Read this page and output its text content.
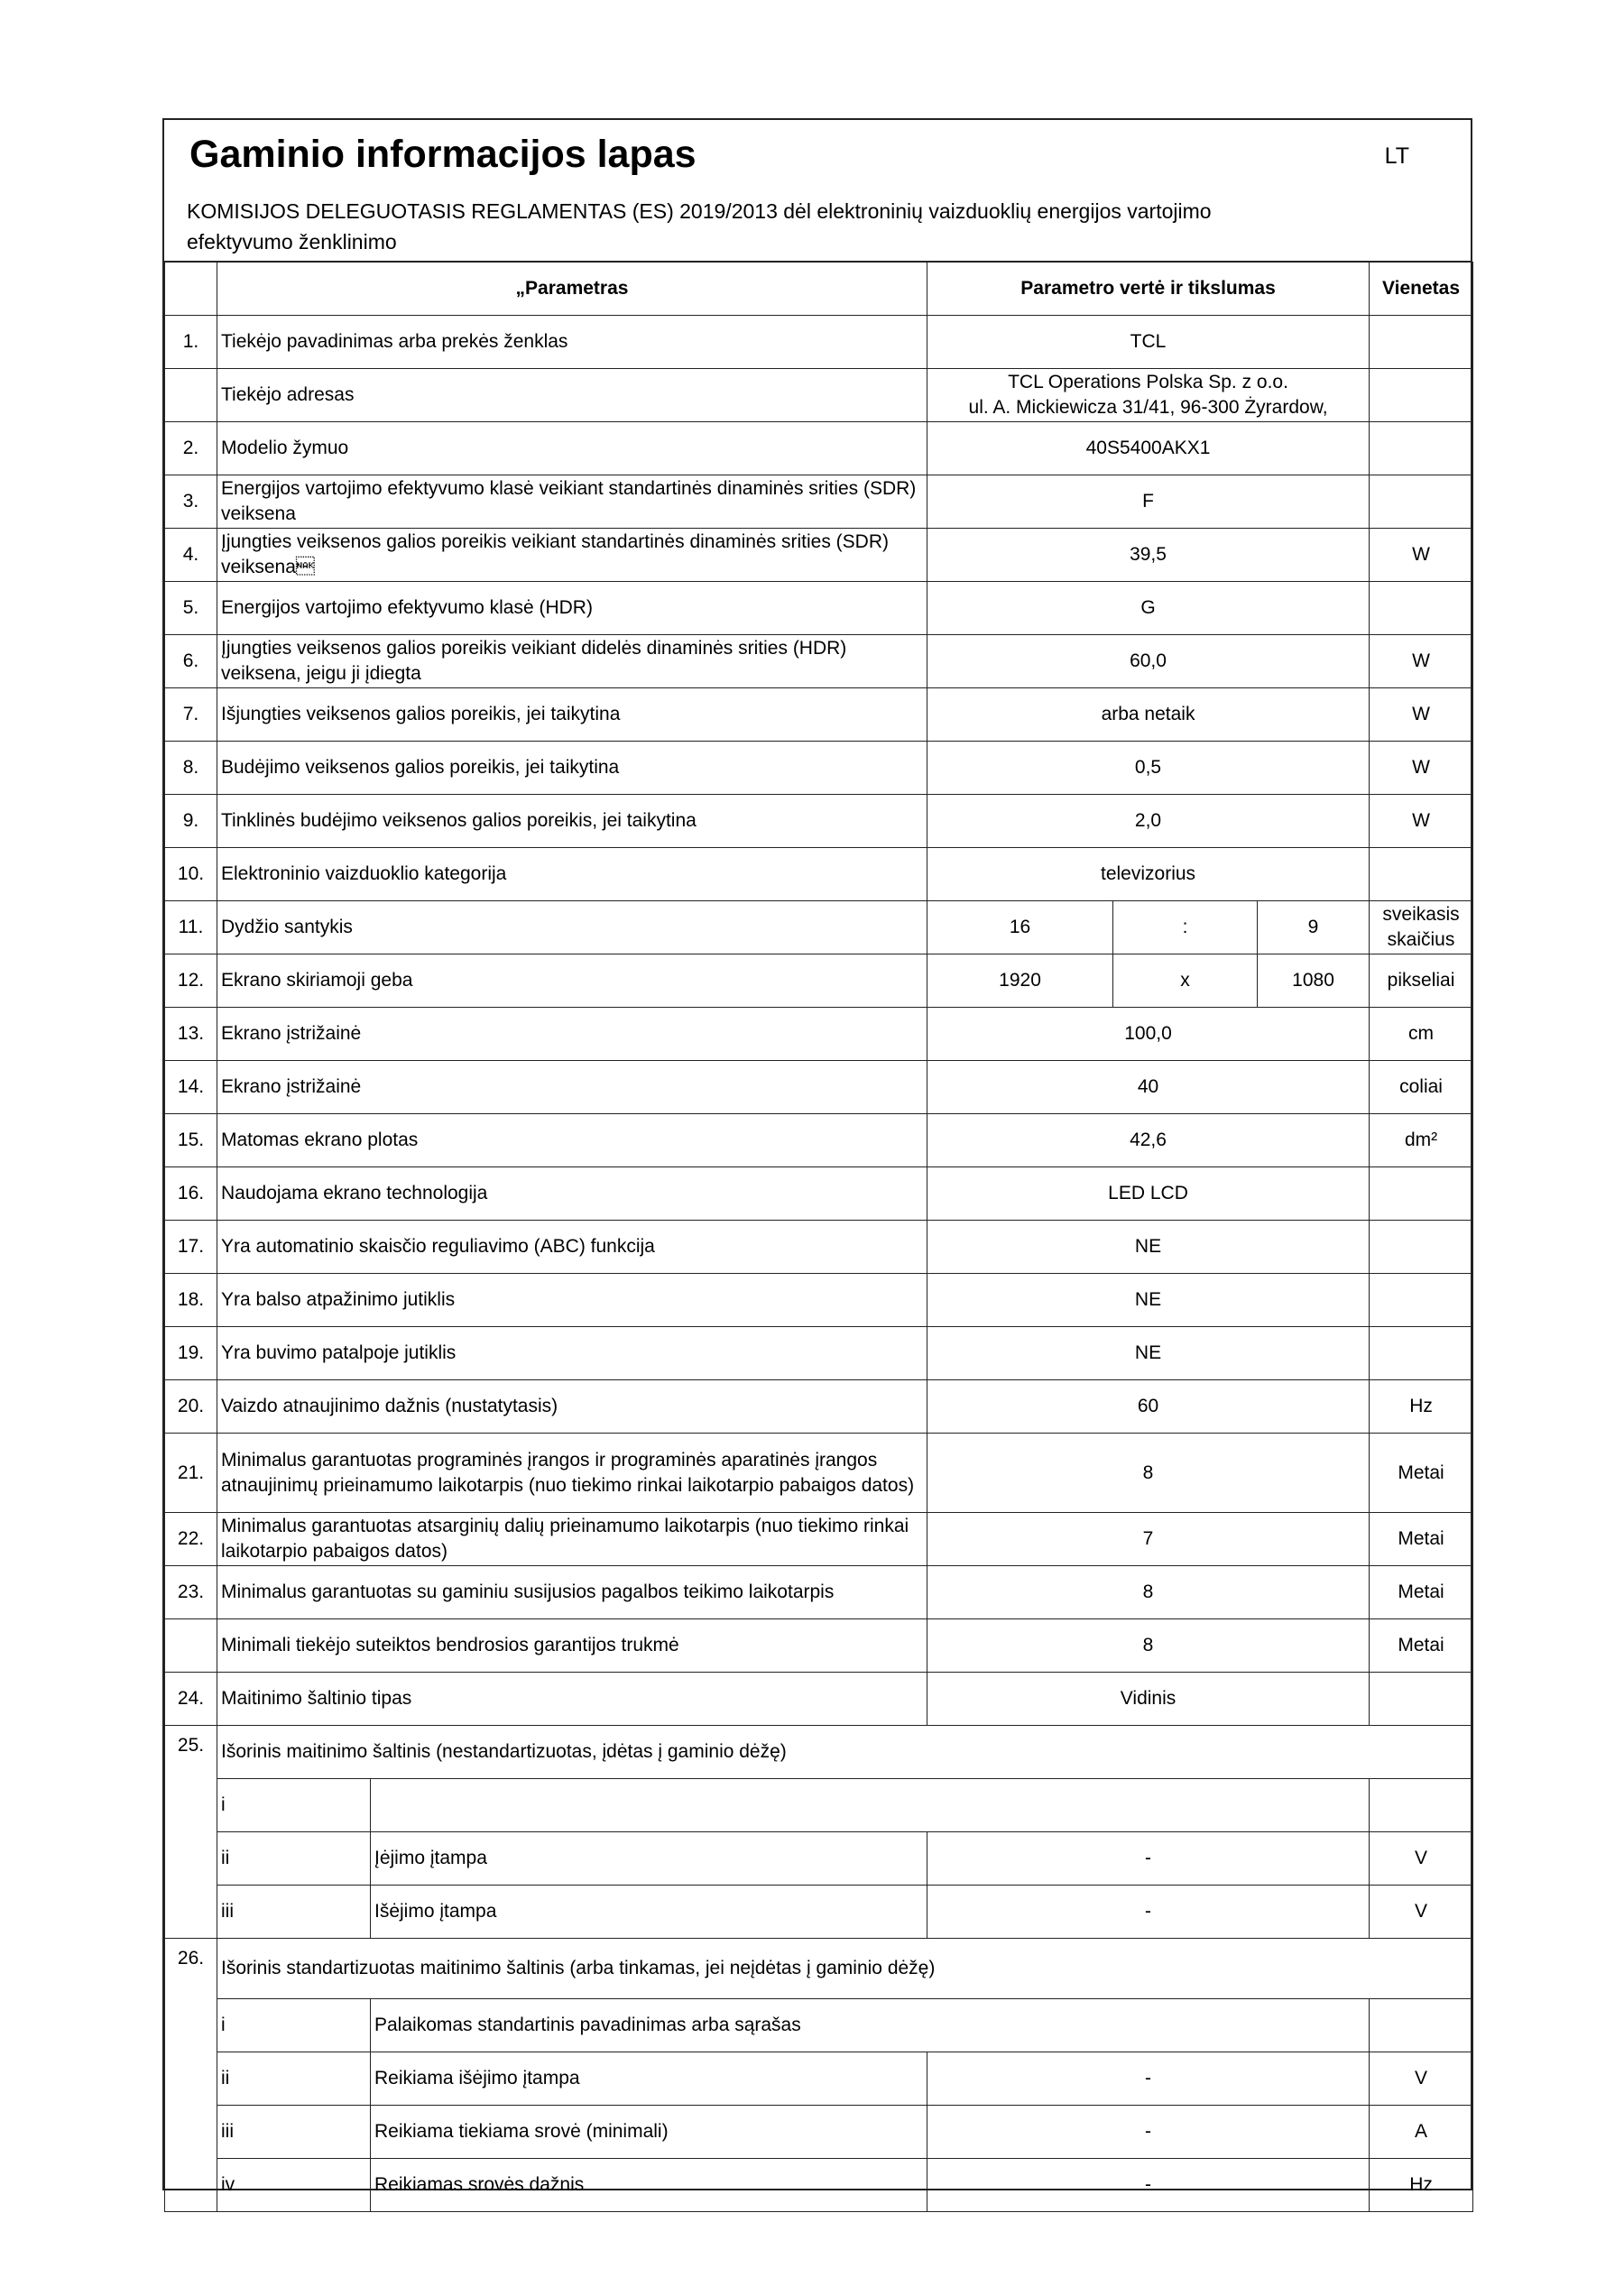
Gaminio informacijos lapas	LT
KOMISIJOS DELEGUOTASIS REGLAMENTAS (ES) 2019/2013 dėl elektroninių vaizduoklių energijos vartojimo efektyvumo ženklinimo
	„Parametras		Parametro vertė ir tikslumas			Vienetas
1.	Tiekėjo pavadinimas arba prekės ženklas		TCL			
	Tiekėjo adresas		TCL Operations Polska Sp. z o.o.
ul. A. Mickiewicza 31/41, 96-300 Żyrardow,			

2.	Modelio žymuo		40S5400AKX1			
3.	Energijos vartojimo efektyvumo klasė veikiant standartinės dinaminės srities (SDR) veiksena		F			
4.	Įjungties veiksenos galios poreikis veikiant standartinės dinaminės srities (SDR) veiksena		39,5			W
5.	Energijos vartojimo efektyvumo klasė (HDR)		G			
6.	Įjungties veiksenos galios poreikis veikiant didelės dinaminės srities (HDR) veiksena, jeigu ji įdiegta		60,0			W
7.	Išjungties veiksenos galios poreikis, jei taikytina		arba netaik			W
8.	Budėjimo veiksenos galios poreikis, jei taikytina		0,5			W
9.	Tinklinės budėjimo veiksenos galios poreikis, jei taikytina		2,0			W
10.	Elektroninio vaizduoklio kategorija		televizorius			
11.	Dydžio santykis		16	:	9	sveikasis skaičius
12.	Ekrano skiriamoji geba		1920	x	1080	pikseliai
13.	Ekrano įstrižainė		100,0			cm
14.	Ekrano įstrižainė		40			coliai
15.	Matomas ekrano plotas		42,6			dm²
16.	Naudojama ekrano technologija		LED LCD			
17.	Yra automatinio skaisčio reguliavimo (ABC) funkcija		NE			
18.	Yra balso atpažinimo jutiklis		NE			
19.	Yra buvimo patalpoje jutiklis		NE			
20.	Vaizdo atnaujinimo dažnis (nustatytasis)		60			Hz
21.	Minimalus garantuotas programinės įrangos ir programinės aparatinės įrangos atnaujinimų prieinamumo laikotarpis (nuo tiekimo rinkai laikotarpio pabaigos datos)		8			Metai
22.	Minimalus garantuotas atsarginių dalių prieinamumo laikotarpis (nuo tiekimo rinkai laikotarpio pabaigos datos)		7			Metai
23.	Minimalus garantuotas su gaminiu susijusios pagalbos teikimo laikotarpis		8			Metai
	Minimali tiekėjo suteiktos bendrosios garantijos trukmė		8			Metai
24.	Maitinimo šaltinio tipas		Vidinis			
25.	Išorinis maitinimo šaltinis (nestandartizuotas, įdėtas į gaminio dėžę)					
	i					
	ii	Įėjimo įtampa	-			V
	iii	Išėjimo įtampa	-			V
26.	Išorinis standartizuotas maitinimo šaltinis (arba tinkamas, jei neįdėtas į gaminio dėžę)					
	i	Palaikomas standartinis pavadinimas arba sąrašas				
	ii	Reikiama išėjimo įtampa	-			V
	iii	Reikiama tiekiama srovė (minimali)	-			A
	iv	Reikiamas srovės dažnis	-			Hz
